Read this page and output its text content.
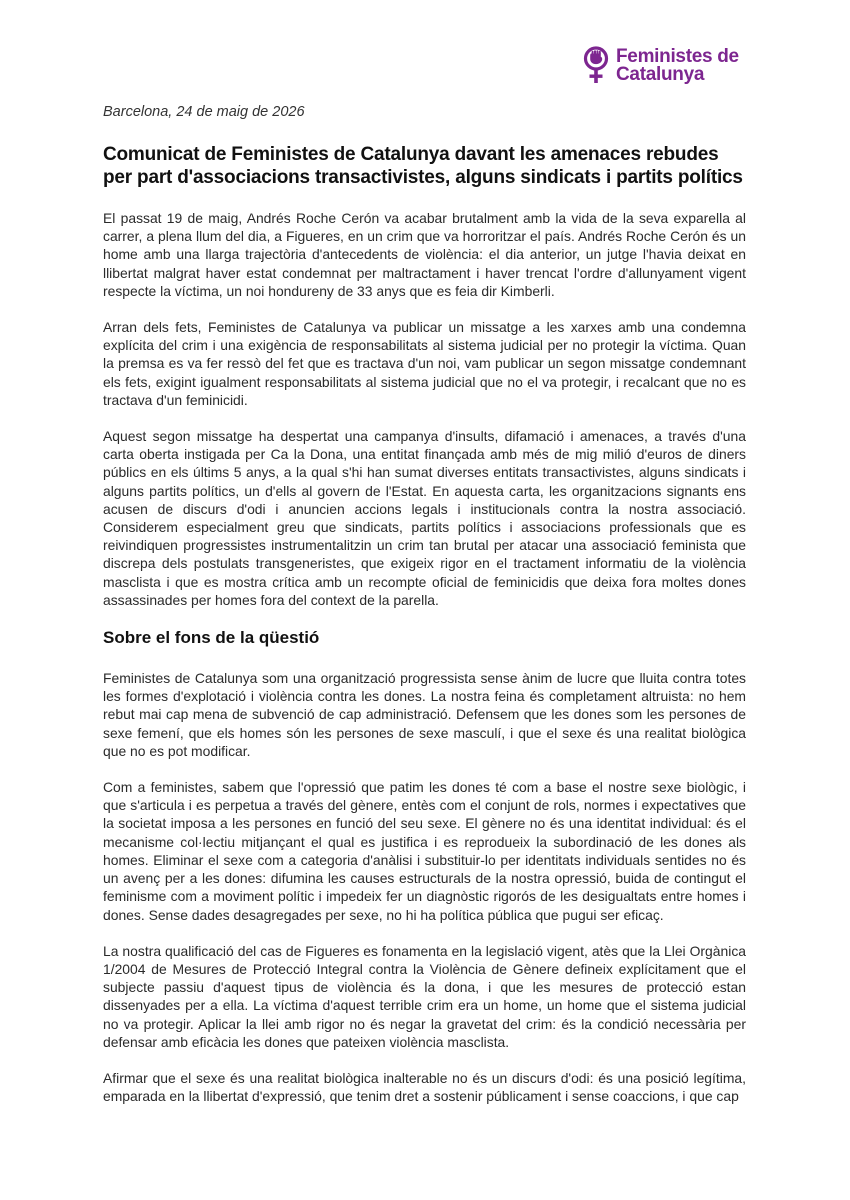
Feministes de
Catalunya
Barcelona, 24 de maig de 2026
Comunicat de Feministes de Catalunya davant les amenaces rebudes per part d'associacions transactivistes, alguns sindicats i partits polítics

El passat 19 de maig, Andrés Roche Cerón va acabar brutalment amb la vida de la seva exparella al carrer, a plena llum del dia, a Figueres, en un crim que va horroritzar el país. Andrés Roche Cerón és un home amb una llarga trajectòria d'antecedents de violència: el dia anterior, un jutge l'havia deixat en llibertat malgrat haver estat condemnat per maltractament i haver trencat l'ordre d'allunyament vigent respecte la víctima, un noi hondureny de 33 anys que es feia dir Kimberli.

Arran dels fets, Feministes de Catalunya va publicar un missatge a les xarxes amb una condemna explícita del crim i una exigència de responsabilitats al sistema judicial per no protegir la víctima. Quan la premsa es va fer ressò del fet que es tractava d'un noi, vam publicar un segon missatge condemnant els fets, exigint igualment responsabilitats al sistema judicial que no el va protegir, i recalcant que no es tractava d'un feminicidi.

Aquest segon missatge ha despertat una campanya d'insults, difamació i amenaces, a través d'una carta oberta instigada per Ca la Dona, una entitat finançada amb més de mig milió d'euros de diners públics en els últims 5 anys, a la qual s'hi han sumat diverses entitats transactivistes, alguns sindicats i alguns partits polítics, un d'ells al govern de l'Estat. En aquesta carta, les organitzacions signants ens acusen de discurs d'odi i anuncien accions legals i institucionals contra la nostra associació. Considerem especialment greu que sindicats, partits polítics i associacions professionals que es reivindiquen progressistes instrumentalitzin un crim tan brutal per atacar una associació feminista que discrepa dels postulats transgeneristes, que exigeix rigor en el tractament informatiu de la violència masclista i que es mostra crítica amb un recompte oficial de feminicidis que deixa fora moltes dones assassinades per homes fora del context de la parella.

Sobre el fons de la qüestió

Feministes de Catalunya som una organització progressista sense ànim de lucre que lluita contra totes les formes d'explotació i violència contra les dones. La nostra feina és completament altruista: no hem rebut mai cap mena de subvenció de cap administració. Defensem que les dones som les persones de sexe femení, que els homes són les persones de sexe masculí, i que el sexe és una realitat biològica que no es pot modificar.

Com a feministes, sabem que l'opressió que patim les dones té com a base el nostre sexe biològic, i que s'articula i es perpetua a través del gènere, entès com el conjunt de rols, normes i expectatives que la societat imposa a les persones en funció del seu sexe. El gènere no és una identitat individual: és el mecanisme col·lectiu mitjançant el qual es justifica i es reprodueix la subordinació de les dones als homes. Eliminar el sexe com a categoria d'anàlisi i substituir-lo per identitats individuals sentides no és un avenç per a les dones: difumina les causes estructurals de la nostra opressió, buida de contingut el feminisme com a moviment polític i impedeix fer un diagnòstic rigorós de les desigualtats entre homes i dones. Sense dades desagregades per sexe, no hi ha política pública que pugui ser eficaç.

La nostra qualificació del cas de Figueres es fonamenta en la legislació vigent, atès que la Llei Orgànica 1/2004 de Mesures de Protecció Integral contra la Violència de Gènere defineix explícitament que el subjecte passiu d'aquest tipus de violència és la dona, i que les mesures de protecció estan dissenyades per a ella. La víctima d'aquest terrible crim era un home, un home que el sistema judicial no va protegir. Aplicar la llei amb rigor no és negar la gravetat del crim: és la condició necessària per defensar amb eficàcia les dones que pateixen violència masclista.

Afirmar que el sexe és una realitat biològica inalterable no és un discurs d'odi: és una posició legítima, emparada en la llibertat d'expressió, que tenim dret a sostenir públicament i sense coaccions, i que cap
